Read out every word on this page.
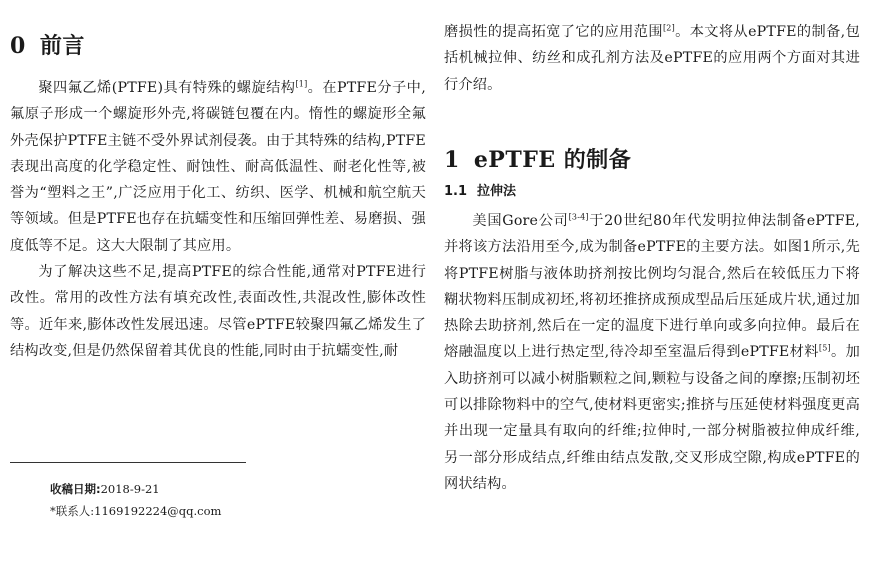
0 前言

聚四氟乙烯(PTFE)具有特殊的螺旋结构[1]。在PTFE分子中,氟原子形成一个螺旋形外壳,将碳链包覆在内。惰性的螺旋形全氟外壳保护PTFE主链不受外界试剂侵袭。由于其特殊的结构,PTFE表现出高度的化学稳定性、耐蚀性、耐高低温性、耐老化性等,被誉为“塑料之王”,广泛应用于化工、纺织、医学、机械和航空航天等领域。但是PTFE也存在抗蠕变性和压缩回弹性差、易磨损、强度低等不足。这大大限制了其应用。

为了解决这些不足,提高PTFE的综合性能,通常对PTFE进行改性。常用的改性方法有填充改性,表面改性,共混改性,膨体改性等。近年来,膨体改性发展迅速。尽管ePTFE较聚四氟乙烯发生了结构改变,但是仍然保留着其优良的性能,同时由于抗蠕变性,耐

收稿日期:2018-9-21
*联系人:1169192224@qq.com

磨损性的提高拓宽了它的应用范围[2]。本文将从ePTFE的制备,包括机械拉伸、纺丝和成孔剂方法及ePTFE的应用两个方面对其进行介绍。

1 ePTFE 的制备
1.1 拉伸法

美国Gore公司[3-4]于20世纪80年代发明拉伸法制备ePTFE,并将该方法沿用至今,成为制备ePTFE的主要方法。如图1所示,先将PTFE树脂与液体助挤剂按比例均匀混合,然后在较低压力下将糊状物料压制成初坯,将初坯推挤成预成型品后压延成片状,通过加热除去助挤剂,然后在一定的温度下进行单向或多向拉伸。最后在熔融温度以上进行热定型,待冷却至室温后得到ePTFE材料[5]。加入助挤剂可以减小树脂颗粒之间,颗粒与设备之间的摩擦;压制初坯可以排除物料中的空气,使材料更密实;推挤与压延使材料强度更高并出现一定量具有取向的纤维;拉伸时,一部分树脂被拉伸成纤维,另一部分形成结点,纤维由结点发散,交叉形成空隙,构成ePTFE的网状结构。
